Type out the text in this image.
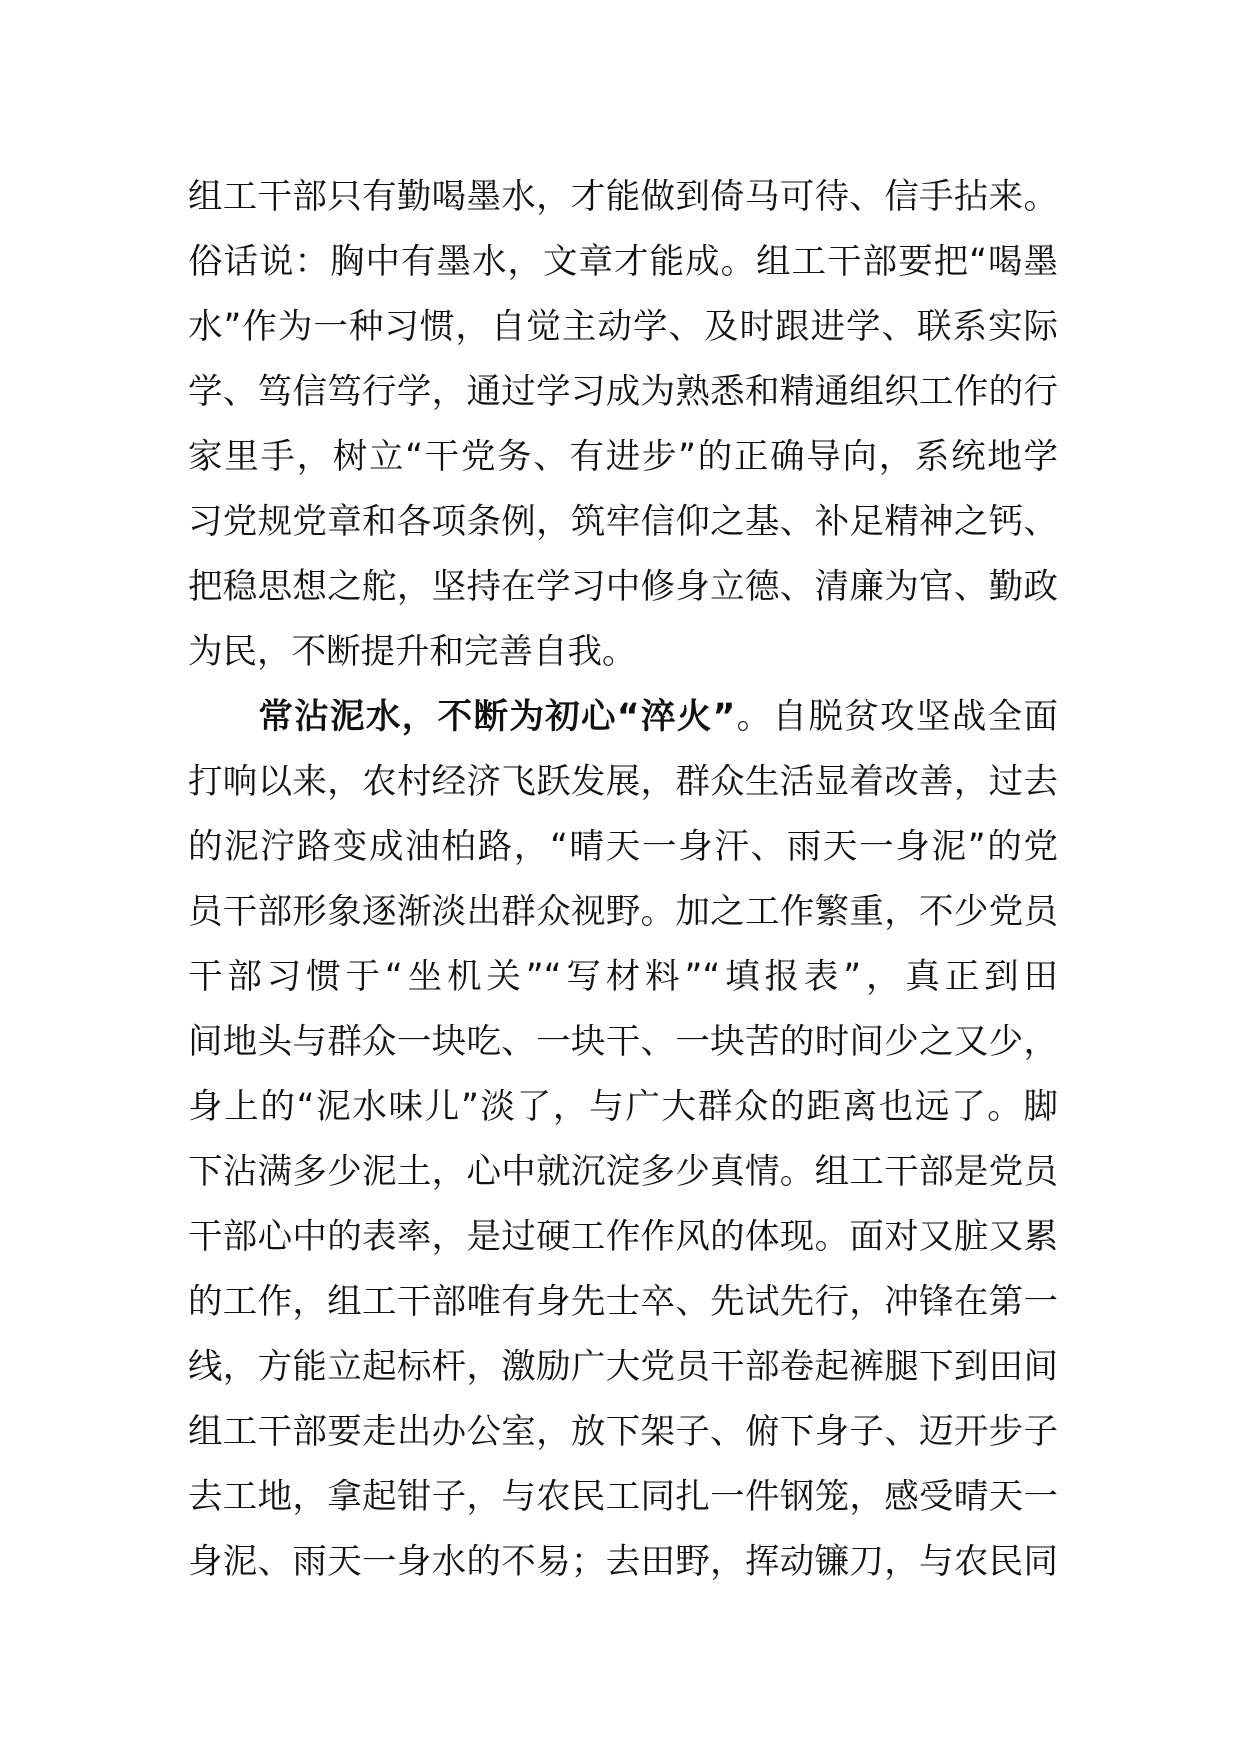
组工干部只有勤喝墨水，才能做到倚马可待、信手拈来。
俗话说：胸中有墨水，文章才能成。组工干部要把“喝墨
水”作为一种习惯，自觉主动学、及时跟进学、联系实际
学、笃信笃行学，通过学习成为熟悉和精通组织工作的行
家里手，树立“干党务、有进步”的正确导向，系统地学
习党规党章和各项条例，筑牢信仰之基、补足精神之钙、
把稳思想之舵，坚持在学习中修身立德、清廉为官、勤政
为民，不断提升和完善自我。
常沾泥水，不断为初心“淬火”。自脱贫攻坚战全面
打响以来，农村经济飞跃发展，群众生活显着改善，过去
的泥泞路变成油柏路，“晴天一身汗、雨天一身泥”的党
员干部形象逐渐淡出群众视野。加之工作繁重，不少党员
干部习惯于“坐机关”“写材料”“填报表”，真正到田
间地头与群众一块吃、一块干、一块苦的时间少之又少，
身上的“泥水味儿”淡了，与广大群众的距离也远了。脚
下沾满多少泥土，心中就沉淀多少真情。组工干部是党员
干部心中的表率，是过硬工作作风的体现。面对又脏又累
的工作，组工干部唯有身先士卒、先试先行，冲锋在第一
线，方能立起标杆，激励广大党员干部卷起裤腿下到田间
组工干部要走出办公室，放下架子、俯下身子、迈开步子
去工地，拿起钳子，与农民工同扎一件钢笼，感受晴天一
身泥、雨天一身水的不易；去田野，挥动镰刀，与农民同
